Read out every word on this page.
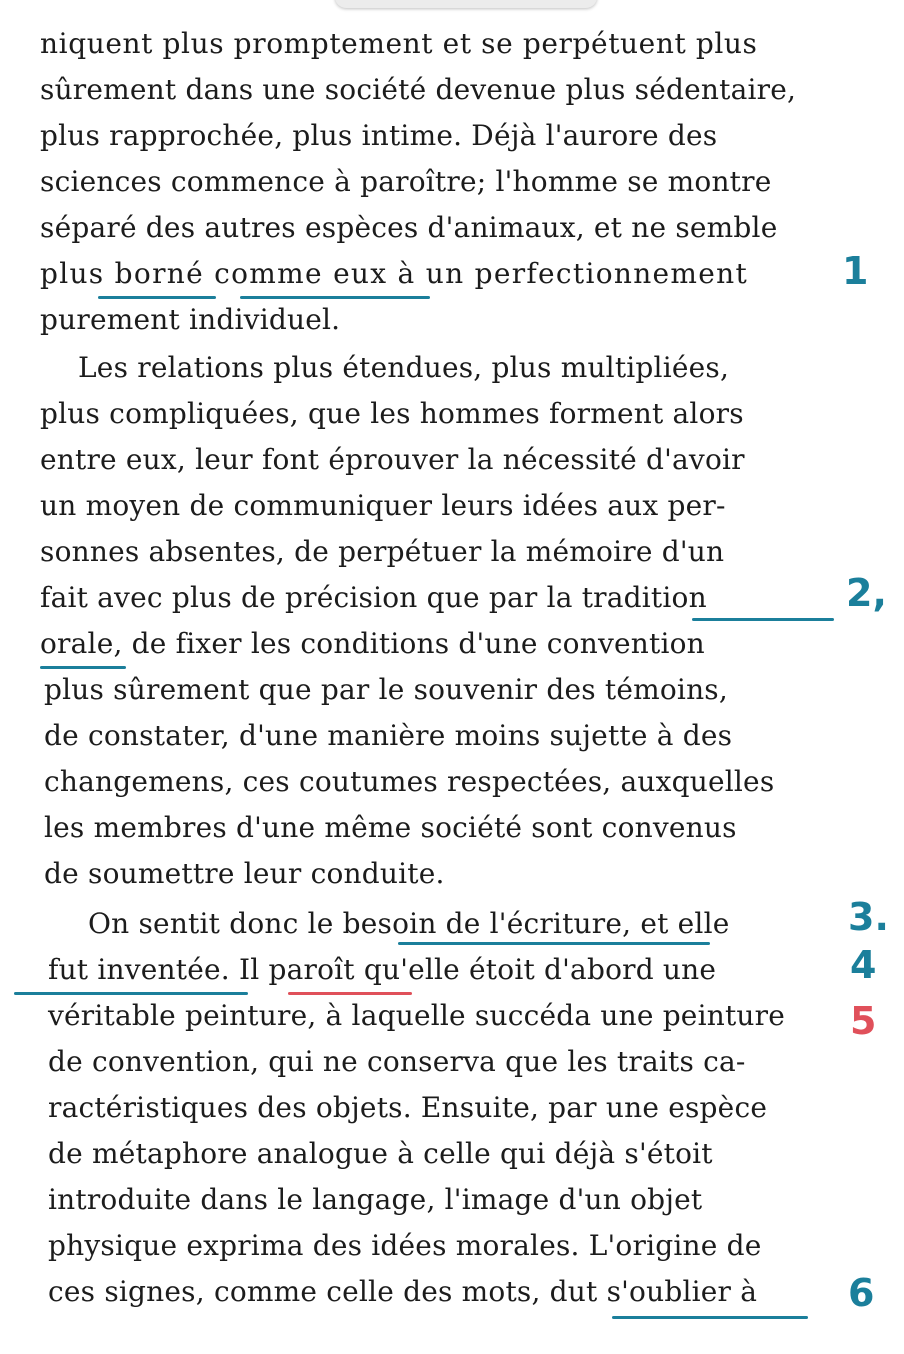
niquent plus promptement et se perpétuent plus
sûrement dans une société devenue plus sédentaire,
plus rapprochée, plus intime. Déjà l'aurore des
sciences commence à paroître; l'homme se montre
séparé des autres espèces d'animaux, et ne semble
plus borné comme eux à un perfectionnement
purement individuel.
Les relations plus étendues, plus multipliées,
plus compliquées, que les hommes forment alors
entre eux, leur font éprouver la nécessité d'avoir
un moyen de communiquer leurs idées aux per-
sonnes absentes, de perpétuer la mémoire d'un
fait avec plus de précision que par la tradition
orale, de fixer les conditions d'une convention
plus sûrement que par le souvenir des témoins,
de constater, d'une manière moins sujette à des
changemens, ces coutumes respectées, auxquelles
les membres d'une même société sont convenus
de soumettre leur conduite.
On sentit donc le besoin de l'écriture, et elle
fut inventée. Il paroît qu'elle étoit d'abord une
véritable peinture, à laquelle succéda une peinture
de convention, qui ne conserva que les traits ca-
ractéristiques des objets. Ensuite, par une espèce
de métaphore analogue à celle qui déjà s'étoit
introduite dans le langage, l'image d'un objet
physique exprima des idées morales. L'origine de
ces signes, comme celle des mots, dut s'oublier à
1
2,
3.
4
5
6
